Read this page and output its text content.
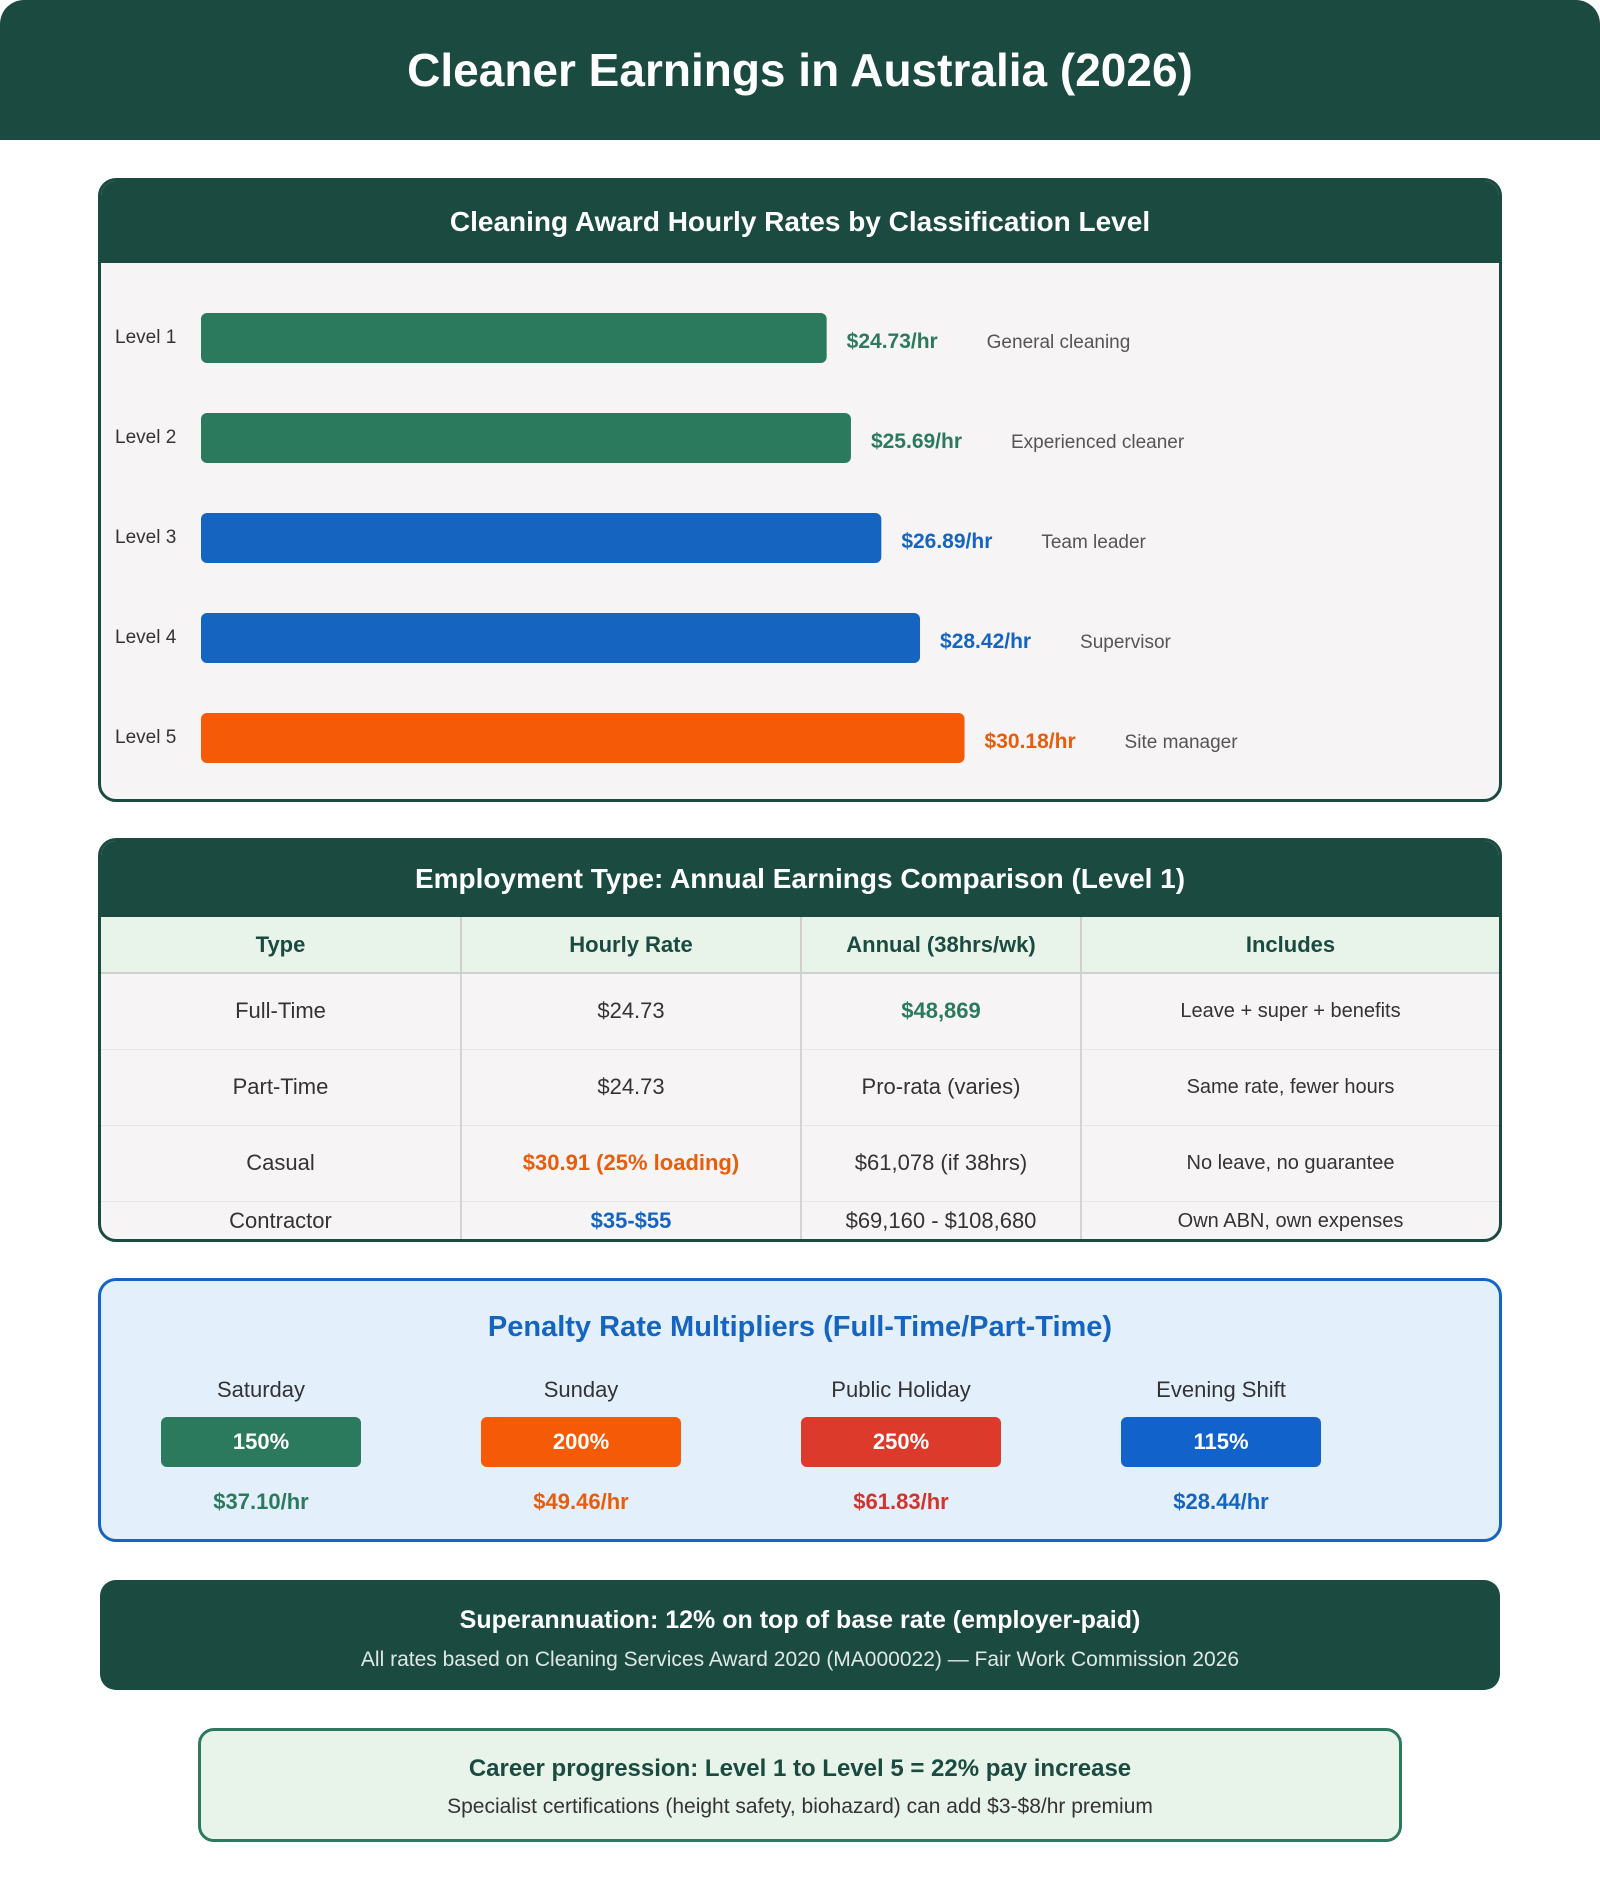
Cleaner Earnings in Australia (2026)
Cleaning Award Hourly Rates by Classification Level
Level 1	$24.73/hr	General cleaning
Level 2	$25.69/hr	Experienced cleaner
Level 3	$26.89/hr	Team leader
Level 4	$28.42/hr	Supervisor
Level 5	$30.18/hr	Site manager
Employment Type: Annual Earnings Comparison (Level 1)
Type	Hourly Rate	Annual (38hrs/wk)	Includes
Full-Time	$24.73	$48,869	Leave + super + benefits
Part-Time	$24.73	Pro-rata (varies)	Same rate, fewer hours
Casual	$30.91 (25% loading)	$61,078 (if 38hrs)	No leave, no guarantee
Contractor	$35-$55	$69,160 - $108,680	Own ABN, own expenses
Penalty Rate Multipliers (Full-Time/Part-Time)
Saturday
150%
$37.10/hr
Sunday
200%
$49.46/hr
Public Holiday
250%
$61.83/hr
Evening Shift
115%
$28.44/hr
Superannuation: 12% on top of base rate (employer-paid)
All rates based on Cleaning Services Award 2020 (MA000022) — Fair Work Commission 2026
Career progression: Level 1 to Level 5 = 22% pay increase
Specialist certifications (height safety, biohazard) can add $3-$8/hr premium
